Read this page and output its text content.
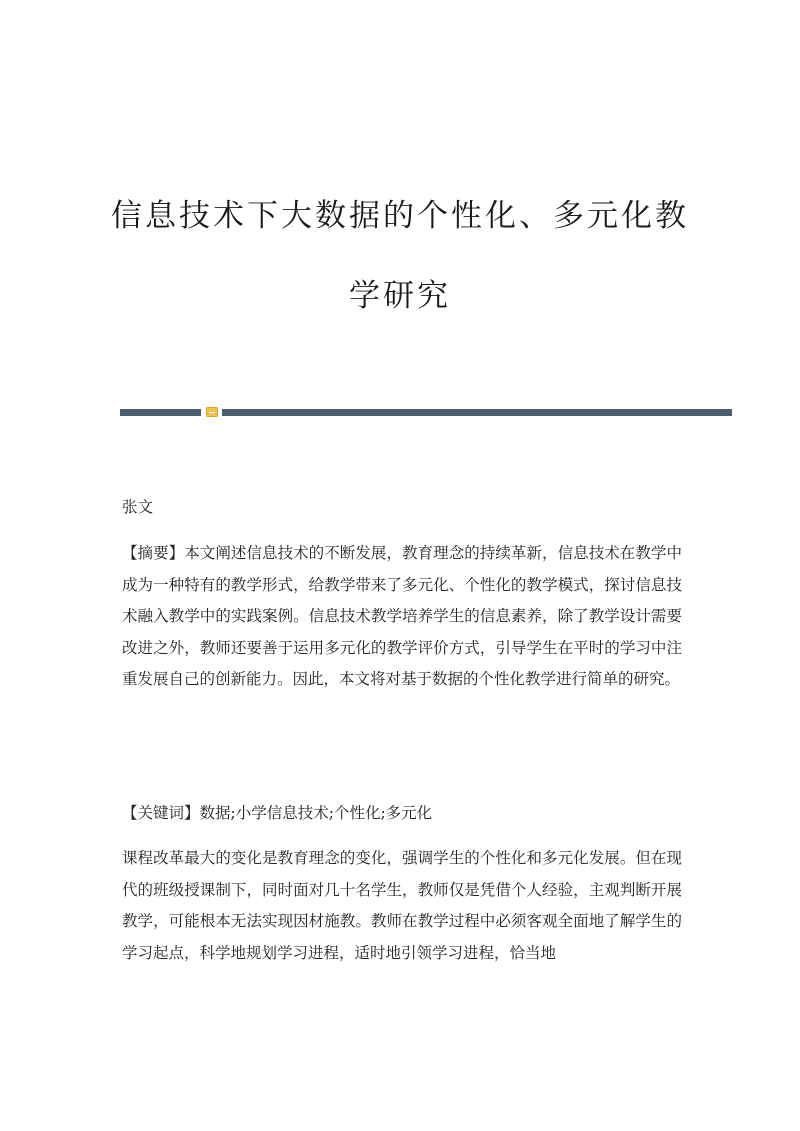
信息技术下大数据的个性化、多元化教
学研究

张文

【摘要】本文阐述信息技术的不断发展，教育理念的持续革新，信息技术在教学中成为一种特有的教学形式，给教学带来了多元化、个性化的教学模式，探讨信息技术融入教学中的实践案例。信息技术教学培养学生的信息素养，除了教学设计需要改进之外，教师还要善于运用多元化的教学评价方式，引导学生在平时的学习中注重发展自己的创新能力。因此，本文将对基于数据的个性化教学进行简单的研究。

【关键词】数据;小学信息技术;个性化;多元化

课程改革最大的变化是教育理念的变化，强调学生的个性化和多元化发展。但在现代的班级授课制下，同时面对几十名学生，教师仅是凭借个人经验，主观判断开展教学，可能根本无法实现因材施教。教师在教学过程中必须客观全面地了解学生的学习起点，科学地规划学习进程，适时地引领学习进程，恰当地
